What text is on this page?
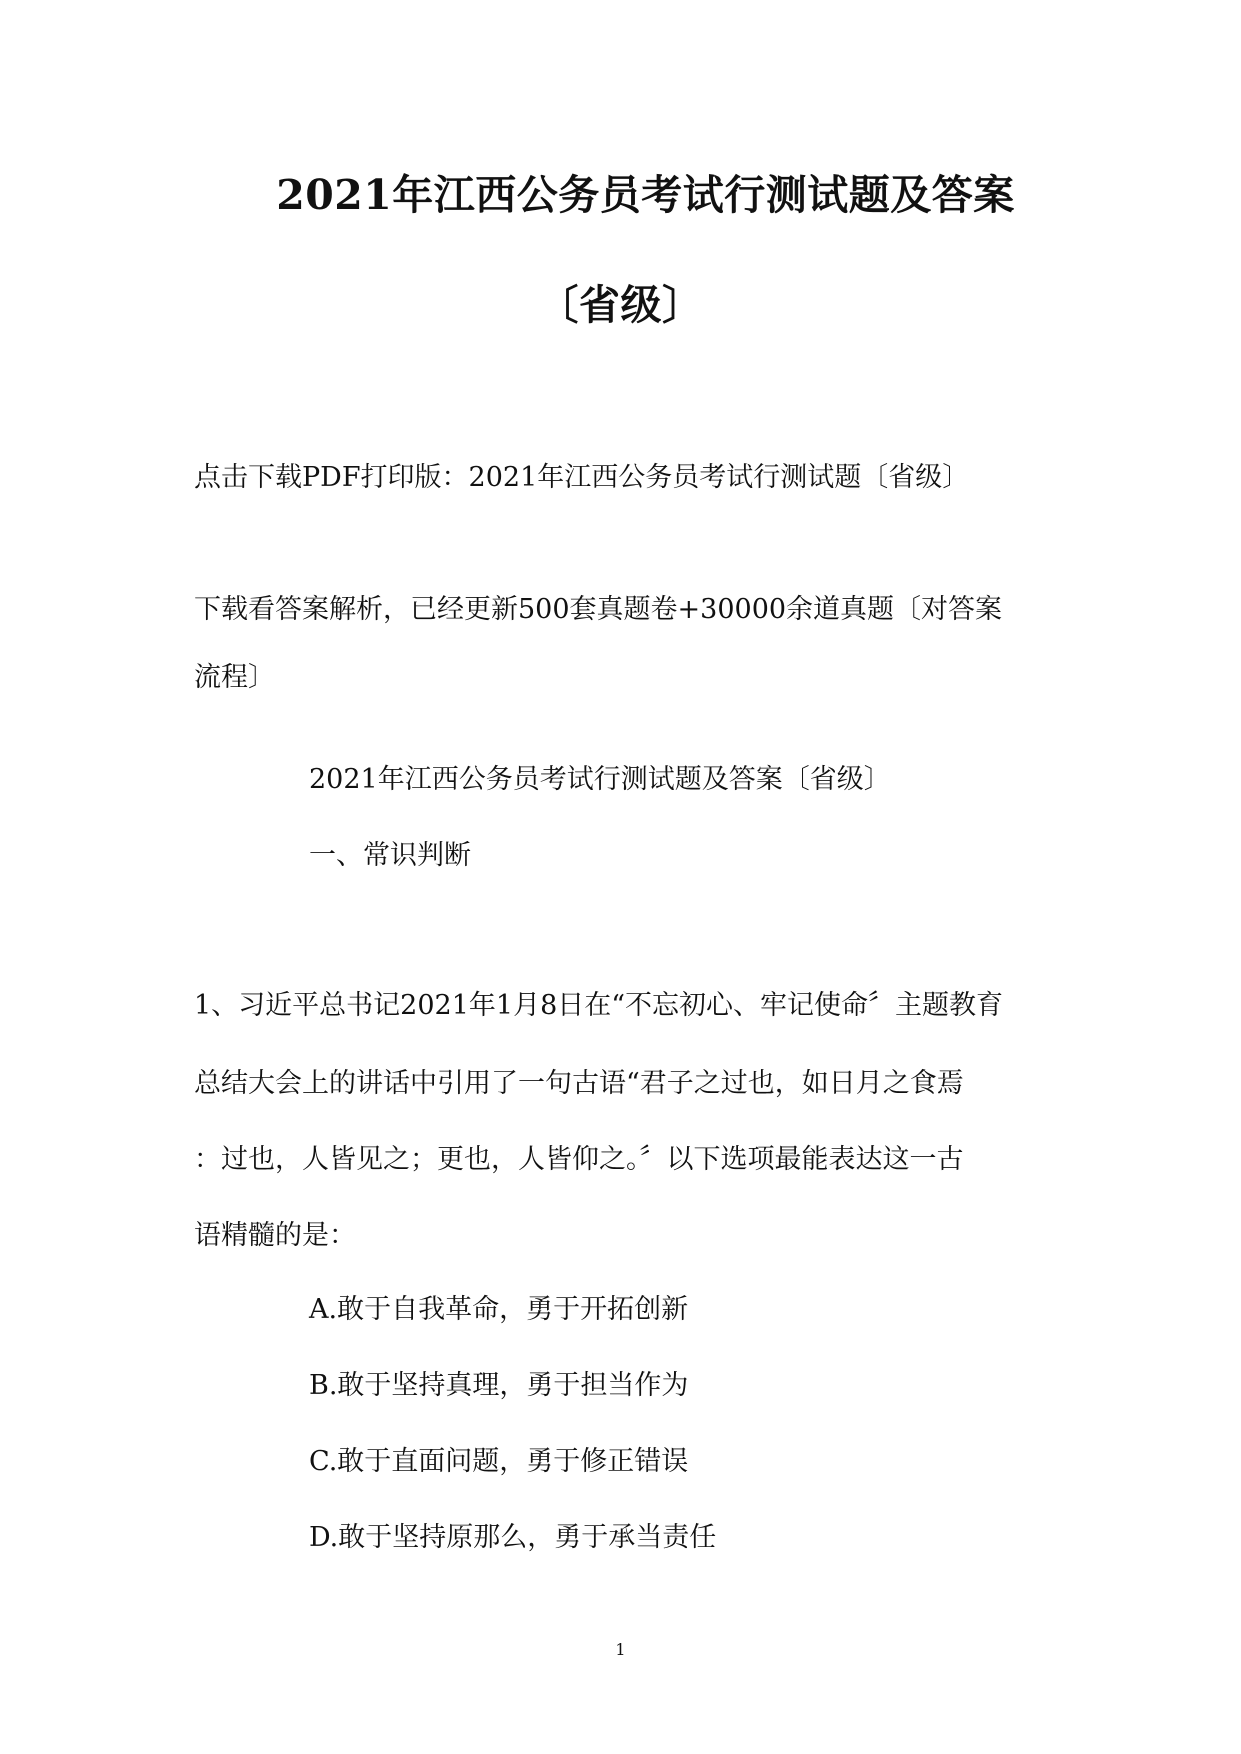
2021年江西公务员考试行测试题及答案
〔省级〕
点击下载PDF打印版：2021年江西公务员考试行测试题〔省级〕
下载看答案解析，已经更新500套真题卷+30000余道真题〔对答案
流程〕
2021年江西公务员考试行测试题及答案〔省级〕
一、常识判断
1、习近平总书记2021年1月8日在“不忘初心、牢记使命〞主题教育
总结大会上的讲话中引用了一句古语“君子之过也，如日月之食焉
：过也，人皆见之；更也，人皆仰之。〞以下选项最能表达这一古
语精髓的是：
A.敢于自我革命，勇于开拓创新
B.敢于坚持真理，勇于担当作为
C.敢于直面问题，勇于修正错误
D.敢于坚持原那么，勇于承当责任
1
